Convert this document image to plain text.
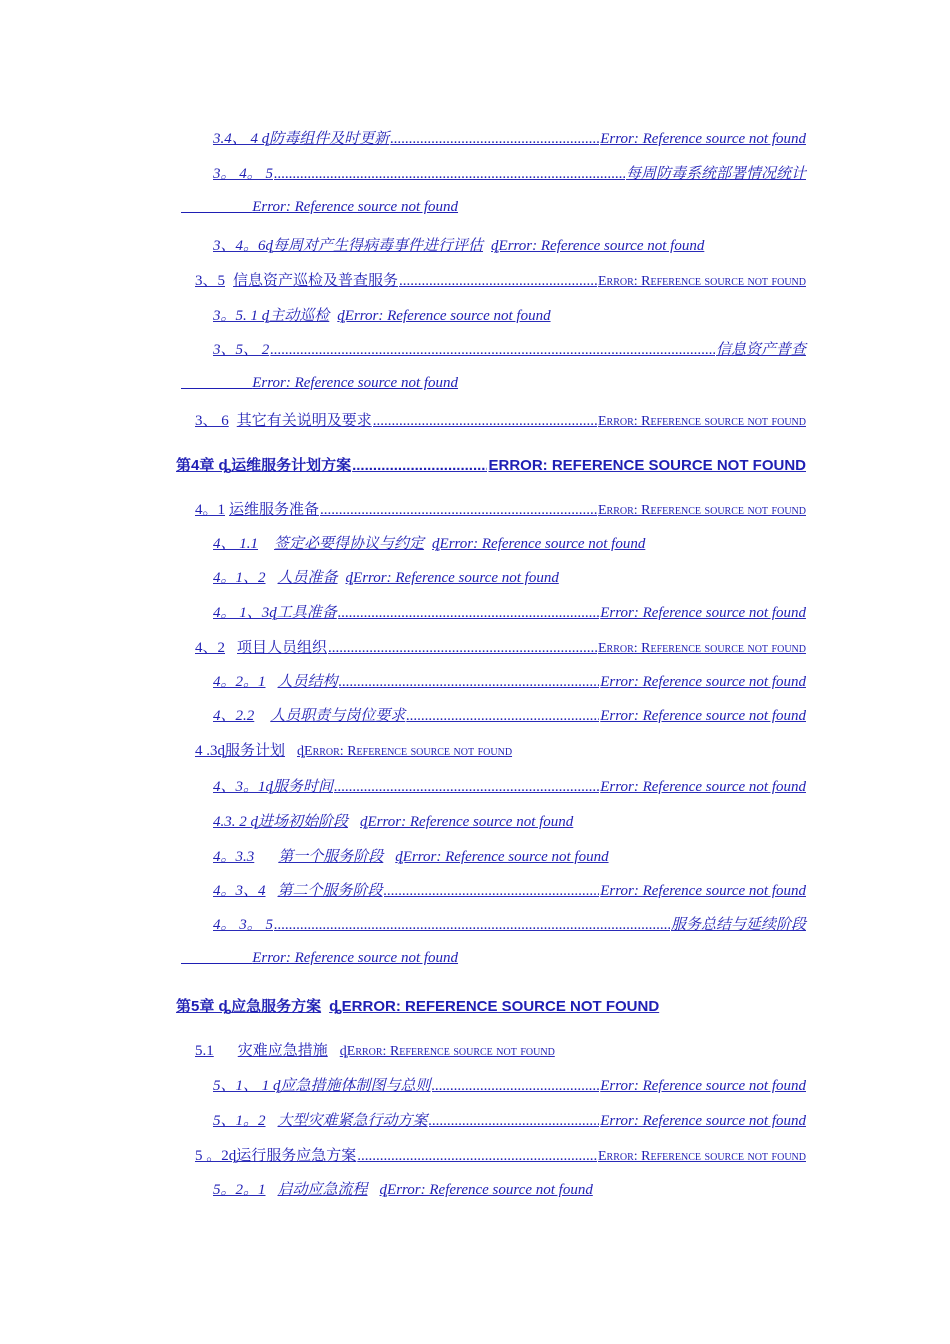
3.4、 4 ȡ 防毒组件及时更新 .....	Error: Reference source not found
3。 4。 5 .....	每周防毒系统部署情况统计
Error: Reference source not found
3、4。6ȡ 每周对产生得病毒事件进行评估 ȡError: Reference source not found
3、5 信息资产巡检及普查服务 .....	Error: Reference source not found
3。5. 1 ȡ 主动巡检 ȡError: Reference source not found
3、5、 2 .....	信息资产普查
Error: Reference source not found
3、 6 其它有关说明及要求 .....	Error: Reference source not found
第4章 ȡ 运维服务计划方案 .....	ERROR: REFERENCE SOURCE NOT FOUND
4。1 运维服务准备 .....	Error: Reference source not found
4、 1.1 签定必要得协议与约定 ȡError: Reference source not found
4。1、2 人员准备 ȡError: Reference source not found
4。 1、3ȡ 工具准备 .....	Error: Reference source not found
4、2 项目人员组织 .....	Error: Reference source not found
4。2。1 人员结构 .....	Error: Reference source not found
4、2.2 人员职责与岗位要求 .....	Error: Reference source not found
4 .3ȡ 服务计划 ȡError: Reference source not found
4、3。1ȡ 服务时间 .....	Error: Reference source not found
4.3. 2 ȡ 进场初始阶段 ȡError: Reference source not found
4。3.3 第一个服务阶段 ȡError: Reference source not found
4。3、4 第二个服务阶段 .....	Error: Reference source not found
4。 3。 5 .....	服务总结与延续阶段
Error: Reference source not found
第5章 ȡ 应急服务方案 ȡERROR: REFERENCE SOURCE NOT FOUND
5.1 灾难应急措施 ȡError: Reference source not found
5、1、 1 ȡ 应急措施体制图与总则 .....	Error: Reference source not found
5、1。2 大型灾难紧急行动方案 .....	Error: Reference source not found
5 。2ȡ 运行服务应急方案 .....	Error: Reference source not found
5。2。1 启动应急流程 ȡError: Reference source not found
